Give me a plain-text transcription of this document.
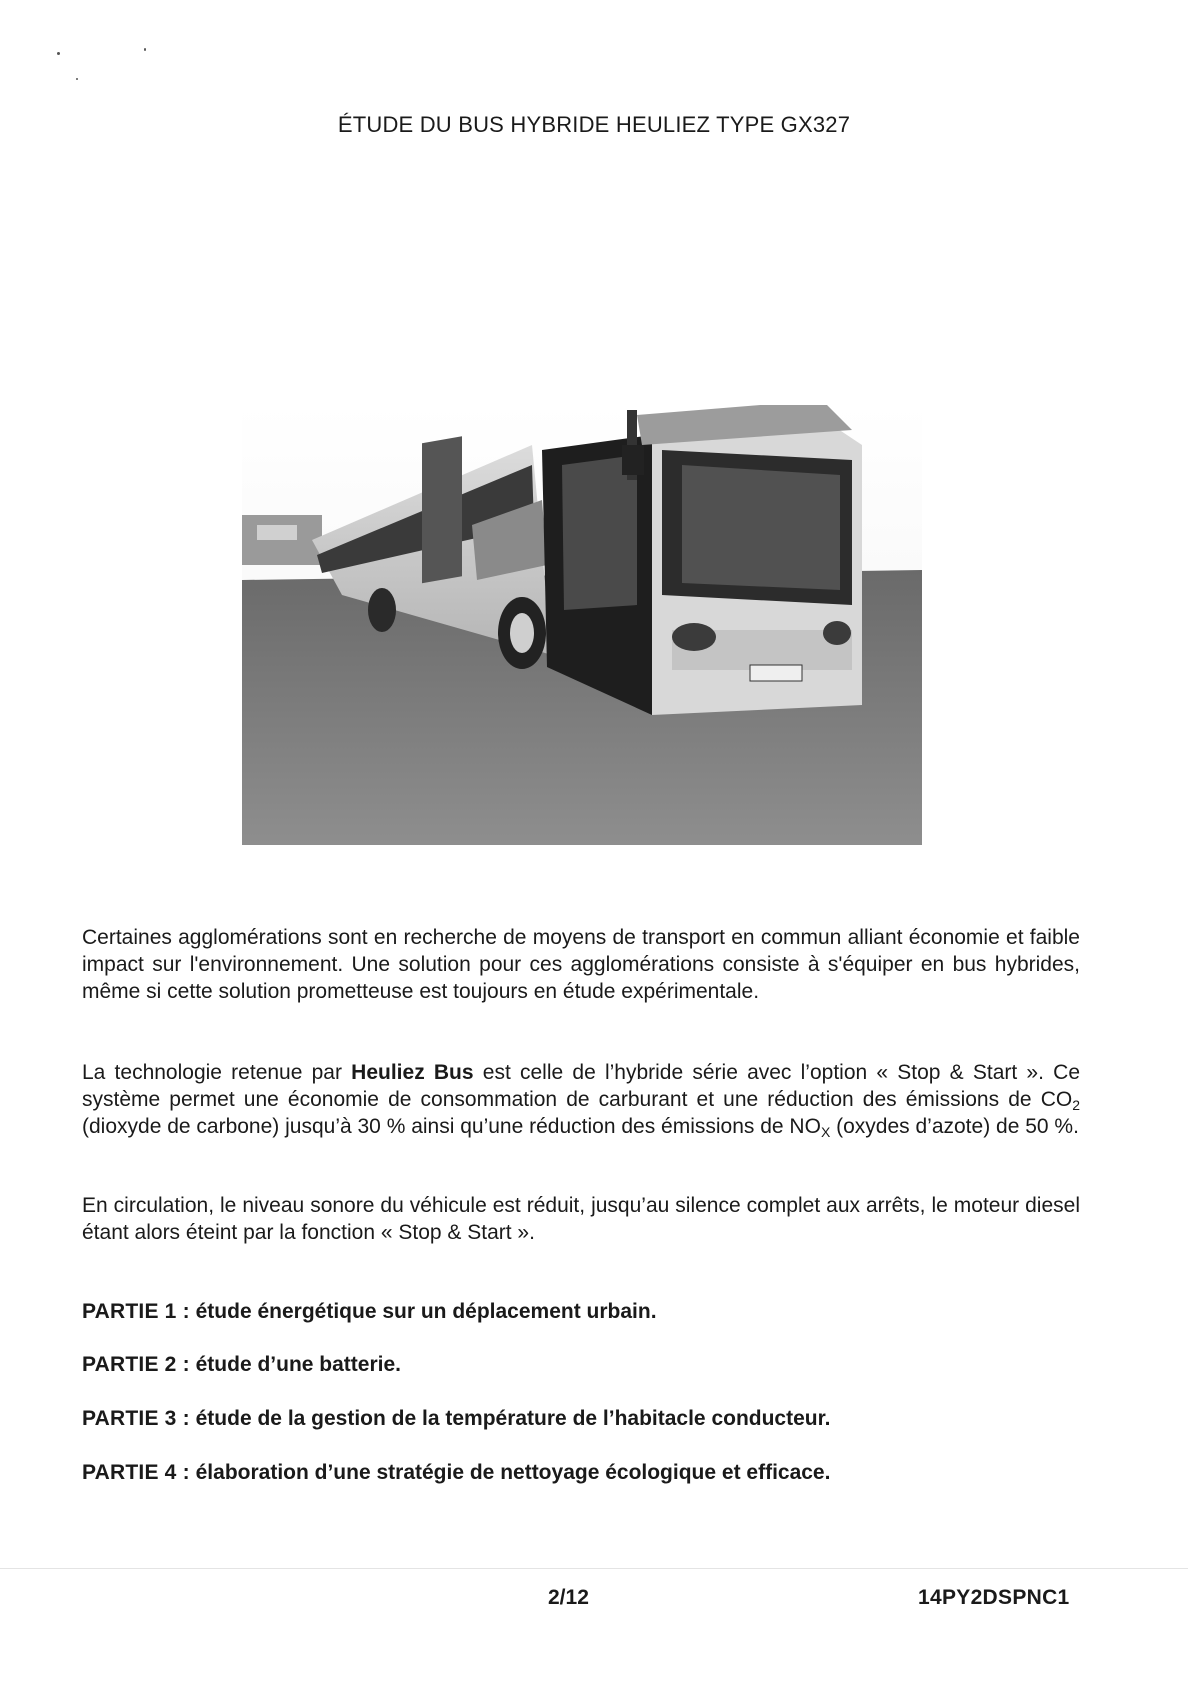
ÉTUDE DU BUS HYBRIDE HEULIEZ TYPE GX327

Certaines agglomérations sont en recherche de moyens de transport en commun alliant économie et faible impact sur l'environnement. Une solution pour ces agglomérations consiste à s'équiper en bus hybrides, même si cette solution prometteuse est toujours en étude expérimentale.

La technologie retenue par Heuliez Bus est celle de l’hybride série avec l’option « Stop & Start ». Ce système permet une économie de consommation de carburant et une réduction des émissions de $CO_2$ (dioxyde de carbone) jusqu’à 30 % ainsi qu’une réduction des émissions de $NO_X$ (oxydes d’azote) de 50 %.

En circulation, le niveau sonore du véhicule est réduit, jusqu’au silence complet aux arrêts, le moteur diesel étant alors éteint par la fonction « Stop & Start ».

PARTIE 1 : étude énergétique sur un déplacement urbain.
PARTIE 2 : étude d’une batterie.
PARTIE 3 : étude de la gestion de la température de l’habitacle conducteur.
PARTIE 4 : élaboration d’une stratégie de nettoyage écologique et efficace.
2/12	14PY2DSPNC1
